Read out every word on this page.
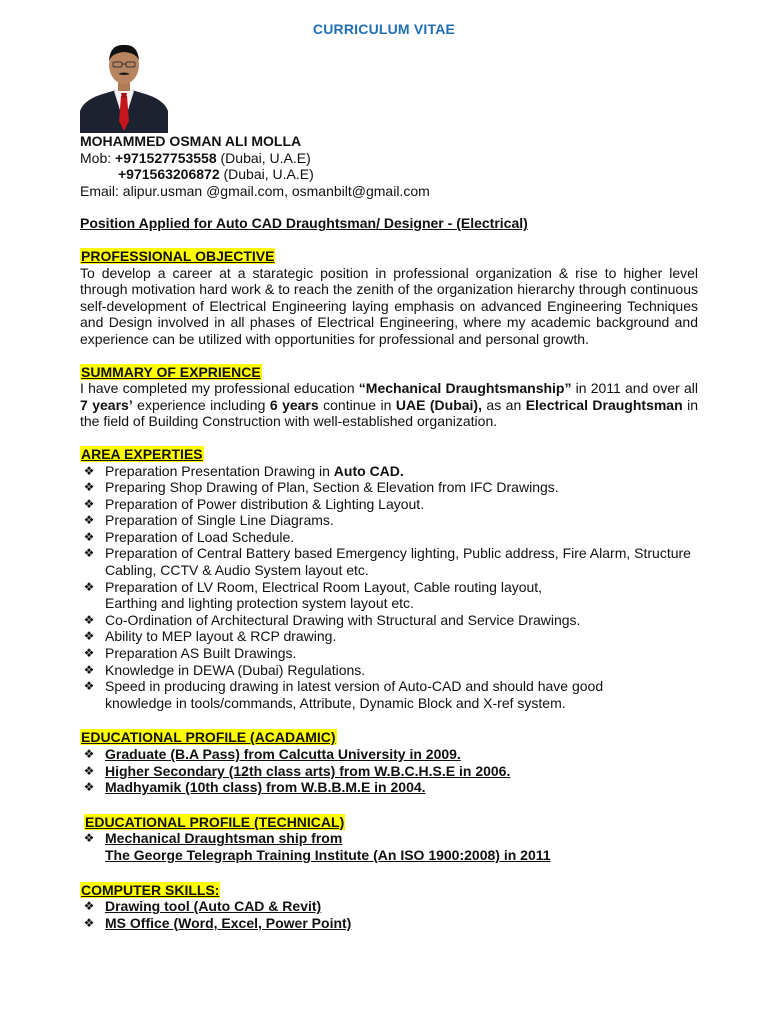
CURRICULUM VITAE
MOHAMMED OSMAN ALI MOLLA
Mob: +971527753558 (Dubai, U.A.E)
+971563206872 (Dubai, U.A.E)
Email: alipur.usman @gmail.com, osmanbilt@gmail.com
Position Applied for Auto CAD Draughtsman/ Designer - (Electrical)
PROFESSIONAL OBJECTIVE
To develop a career at a starategic position in professional organization & rise to higher level through motivation hard work & to reach the zenith of the organization hierarchy through continuous self-development of Electrical Engineering laying emphasis on advanced Engineering Techniques and Design involved in all phases of Electrical Engineering, where my academic background and experience can be utilized with opportunities for professional and personal growth.
SUMMARY OF EXPRIENCE
I have completed my professional education “Mechanical Draughtsmanship” in 2011 and over all 7 years’ experience including 6 years continue in UAE (Dubai), as an Electrical Draughtsman in the field of Building Construction with well-established organization.
AREA EXPERTIES
❖ Preparation Presentation Drawing in Auto CAD.
❖ Preparing Shop Drawing of Plan, Section & Elevation from IFC Drawings.
❖ Preparation of Power distribution & Lighting Layout.
❖ Preparation of Single Line Diagrams.
❖ Preparation of Load Schedule.
❖ Preparation of Central Battery based Emergency lighting, Public address, Fire Alarm, Structure Cabling, CCTV & Audio System layout etc.
❖ Preparation of LV Room, Electrical Room Layout, Cable routing layout,
Earthing and lighting protection system layout etc.
❖ Co-Ordination of Architectural Drawing with Structural and Service Drawings.
❖ Ability to MEP layout & RCP drawing.
❖ Preparation AS Built Drawings.
❖ Knowledge in DEWA (Dubai) Regulations.
❖ Speed in producing drawing in latest version of Auto-CAD and should have good
knowledge in tools/commands, Attribute, Dynamic Block and X-ref system.
EDUCATIONAL PROFILE (ACADAMIC)
❖ Graduate (B.A Pass) from Calcutta University in 2009.
❖ Higher Secondary (12th class arts) from W.B.C.H.S.E in 2006.
❖ Madhyamik (10th class) from W.B.B.M.E in 2004.
EDUCATIONAL PROFILE (TECHNICAL)
❖ Mechanical Draughtsman ship from
The George Telegraph Training Institute (An ISO 1900:2008) in 2011
COMPUTER SKILLS:
❖ Drawing tool (Auto CAD & Revit)
❖ MS Office (Word, Excel, Power Point)
